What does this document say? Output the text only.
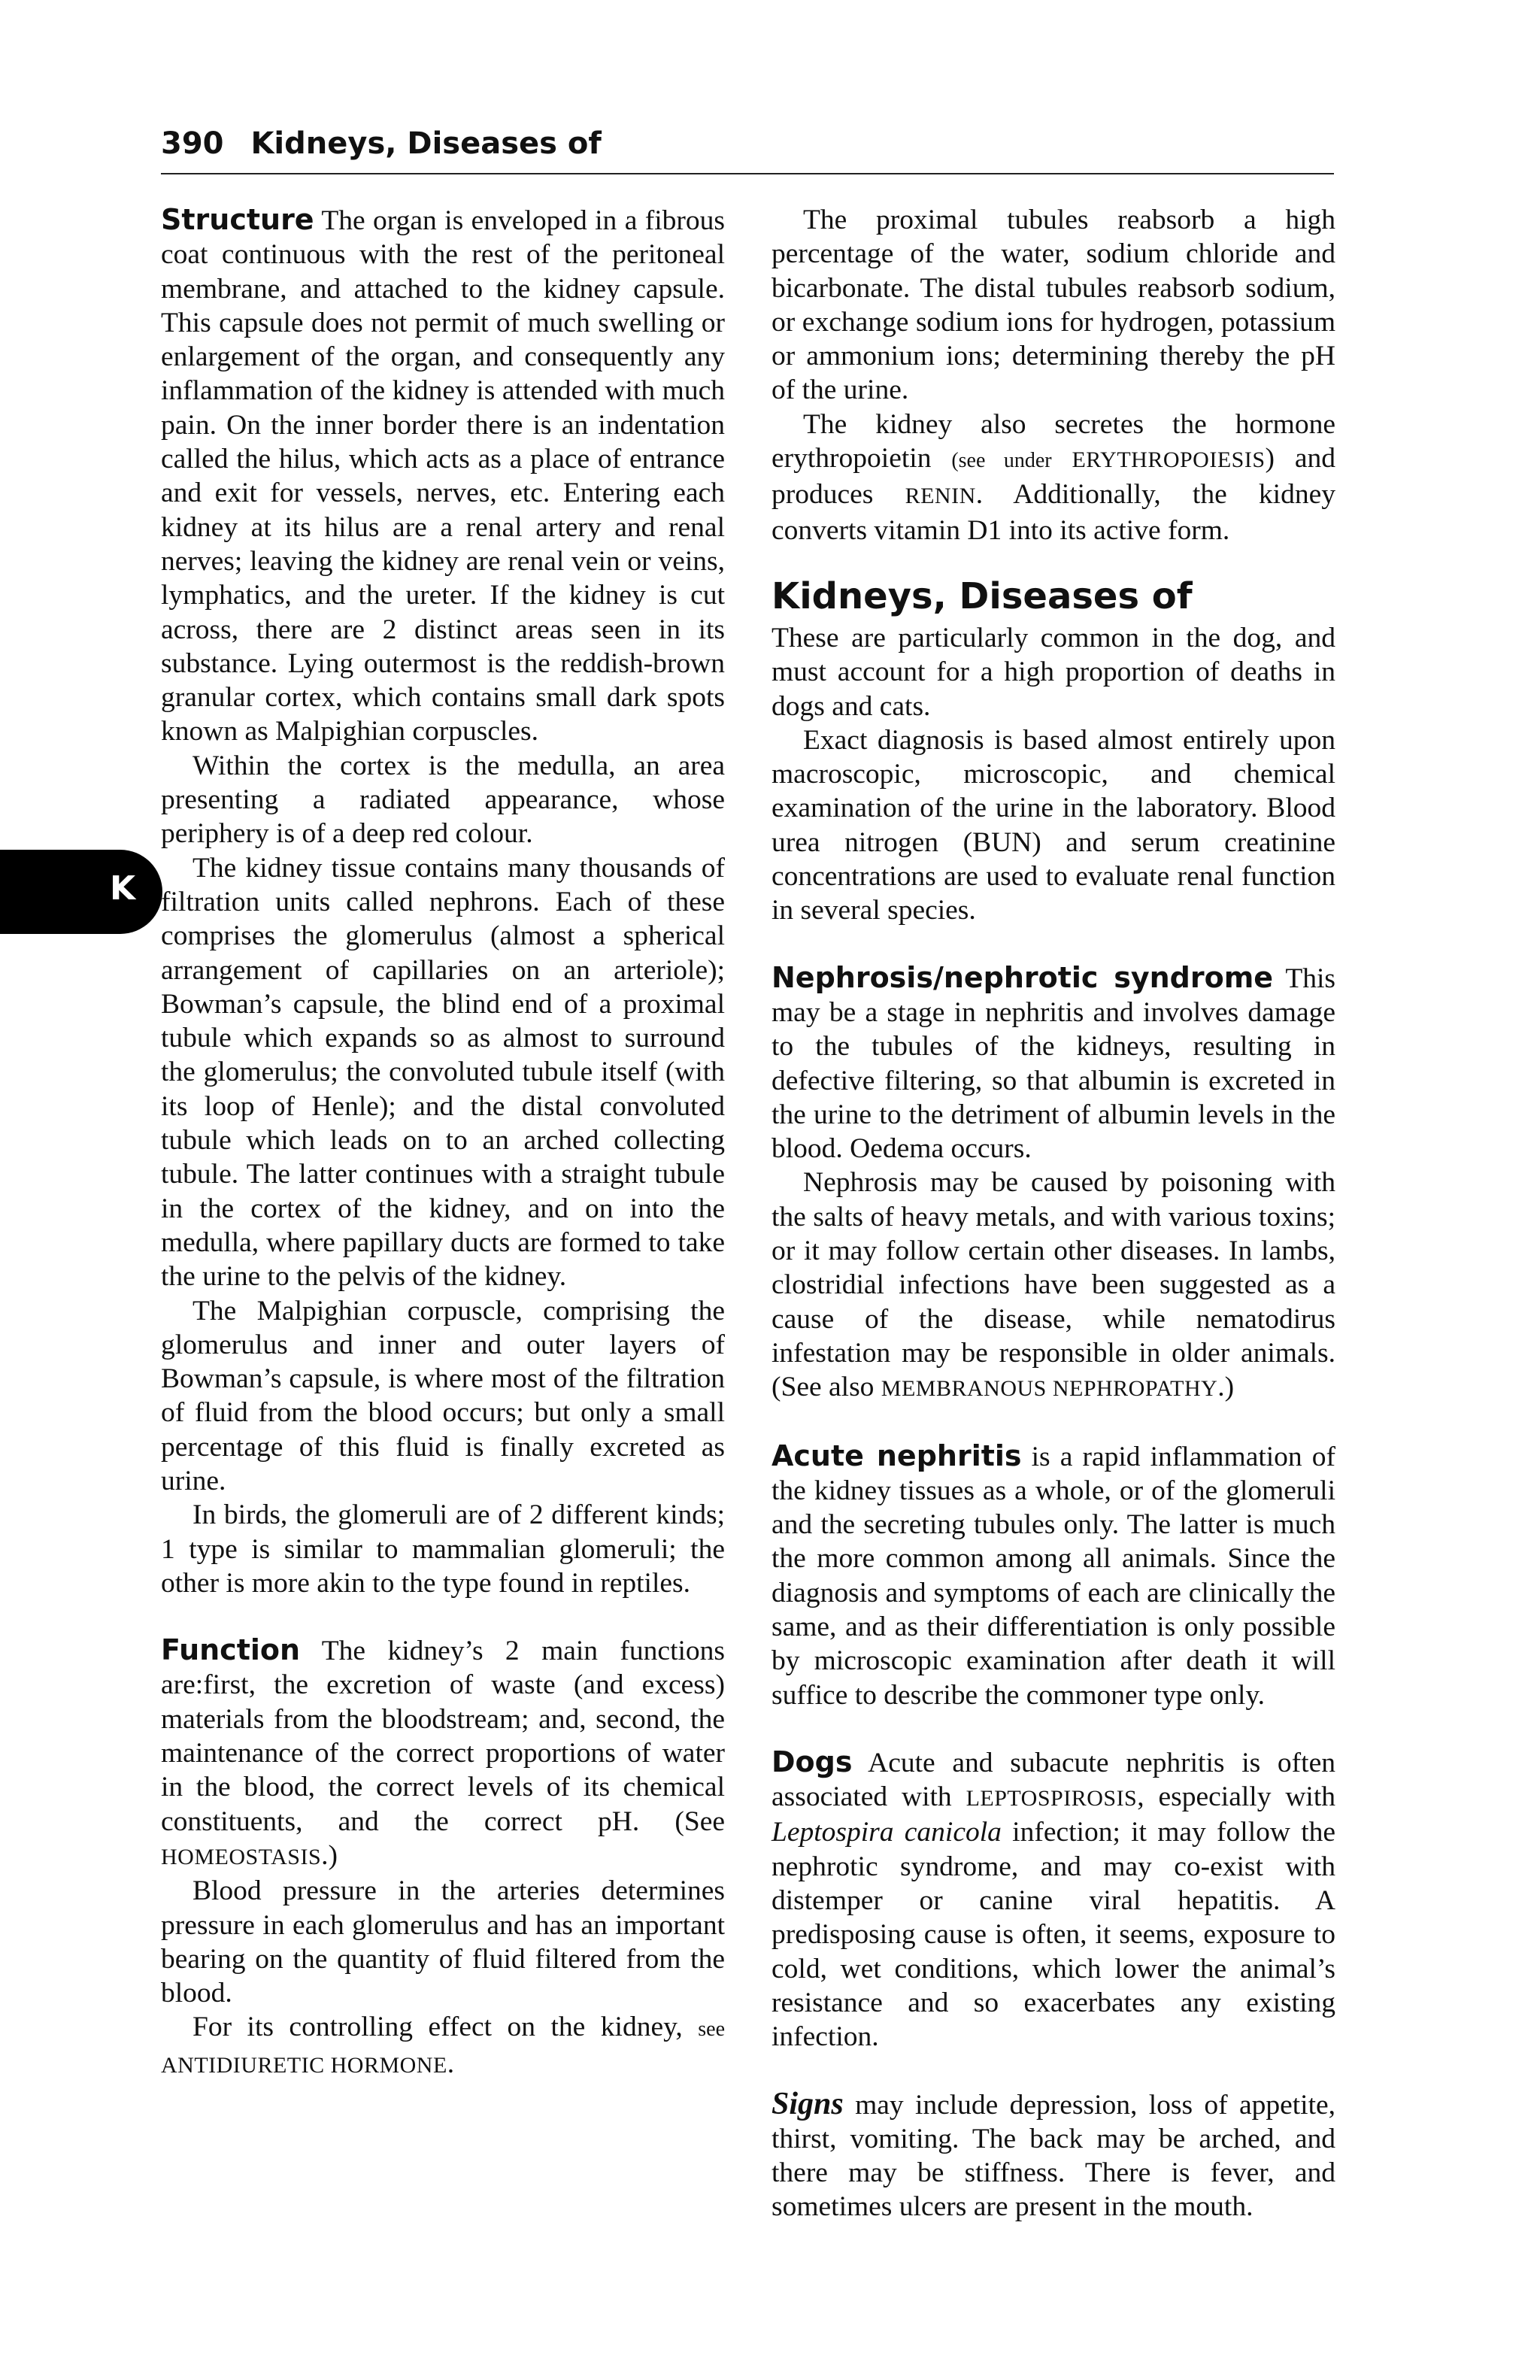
390 Kidneys, Diseases of
K

Structure The organ is enveloped in a fibrous coat continuous with the rest of the peritoneal membrane, and attached to the kidney capsule. This capsule does not permit of much swelling or enlargement of the organ, and consequently any inflammation of the kidney is attended with much pain. On the inner border there is an indentation called the hilus, which acts as a place of entrance and exit for vessels, nerves, etc. Entering each kidney at its hilus are a renal artery and renal nerves; leaving the kidney are renal vein or veins, lymphatics, and the ureter. If the kidney is cut across, there are 2 distinct areas seen in its substance. Lying outermost is the reddish-brown granular cortex, which contains small dark spots known as Malpighian corpuscles.

Within the cortex is the medulla, an area presenting a radiated appearance, whose periphery is of a deep red colour.

The kidney tissue contains many thousands of filtration units called nephrons. Each of these comprises the glomerulus (almost a spherical arrangement of capillaries on an arteriole); Bowman’s capsule, the blind end of a proximal tubule which expands so as almost to surround the glomerulus; the convoluted tubule itself (with its loop of Henle); and the distal convoluted tubule which leads on to an arched collecting tubule. The latter continues with a straight tubule in the cortex of the kidney, and on into the medulla, where papillary ducts are formed to take the urine to the pelvis of the kidney.

The Malpighian corpuscle, comprising the glomerulus and inner and outer layers of Bowman’s capsule, is where most of the filtration of fluid from the blood occurs; but only a small percentage of this fluid is finally excreted as urine.

In birds, the glomeruli are of 2 different kinds; 1 type is similar to mammalian glomeruli; the other is more akin to the type found in reptiles.

Function The kidney’s 2 main functions are:first, the excretion of waste (and excess) materials from the bloodstream; and, second, the maintenance of the correct proportions of water in the blood, the correct levels of its chemical constituents, and the correct pH. (See HOMEOSTASIS.)

Blood pressure in the arteries determines pressure in each glomerulus and has an important bearing on the quantity of fluid filtered from the blood.

For its controlling effect on the kidney, see ANTIDIURETIC HORMONE.

The proximal tubules reabsorb a high percentage of the water, sodium chloride and bicarbonate. The distal tubules reabsorb sodium, or exchange sodium ions for hydrogen, potassium or ammonium ions; determining thereby the pH of the urine.

The kidney also secretes the hormone erythropoietin (see under ERYTHROPOIESIS) and produces RENIN. Additionally, the kidney converts vitamin D1 into its active form.

Kidneys, Diseases of

These are particularly common in the dog, and must account for a high proportion of deaths in dogs and cats.

Exact diagnosis is based almost entirely upon macroscopic, microscopic, and chemical examination of the urine in the laboratory. Blood urea nitrogen (BUN) and serum creatinine concentrations are used to evaluate renal function in several species.

Nephrosis/nephrotic syndrome This may be a stage in nephritis and involves damage to the tubules of the kidneys, resulting in defective filtering, so that albumin is excreted in the urine to the detriment of albumin levels in the blood. Oedema occurs.

Nephrosis may be caused by poisoning with the salts of heavy metals, and with various toxins; or it may follow certain other diseases. In lambs, clostridial infections have been suggested as a cause of the disease, while nematodirus infestation may be responsible in older animals. (See also MEMBRANOUS NEPHROPATHY.)

Acute nephritis is a rapid inflammation of the kidney tissues as a whole, or of the glomeruli and the secreting tubules only. The latter is much the more common among all animals. Since the diagnosis and symptoms of each are clinically the same, and as their differentiation is only possible by microscopic examination after death it will suffice to describe the commoner type only.

Dogs Acute and subacute nephritis is often associated with LEPTOSPIROSIS, especially with Leptospira canicola infection; it may follow the nephrotic syndrome, and may co-exist with distemper or canine viral hepatitis. A predisposing cause is often, it seems, exposure to cold, wet conditions, which lower the animal’s resistance and so exacerbates any existing infection.

Signs may include depression, loss of appetite, thirst, vomiting. The back may be arched, and there may be stiffness. There is fever, and sometimes ulcers are present in the mouth.
